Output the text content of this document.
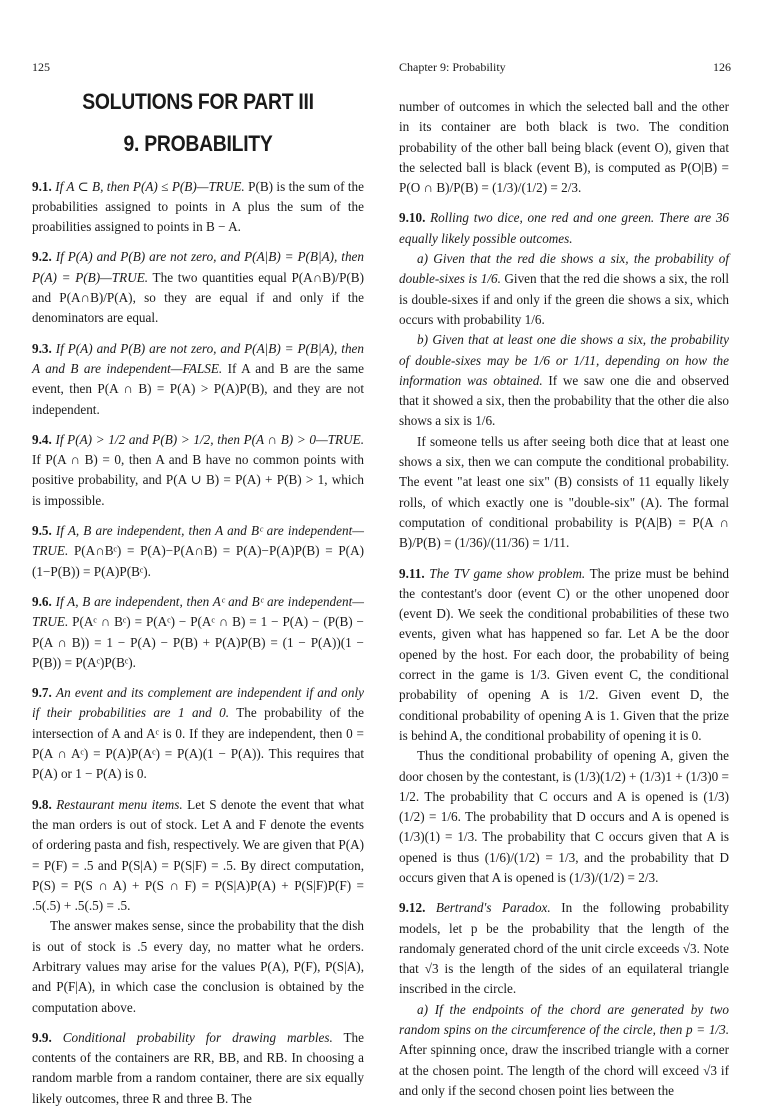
125	Chapter 9: Probability	126
SOLUTIONS FOR PART III
9. PROBABILITY

9.1. If A ⊂ B, then P(A) ≤ P(B)—TRUE. P(B) is the sum of the probabilities assigned to points in A plus the sum of the proabilities assigned to points in B − A.

9.2. If P(A) and P(B) are not zero, and P(A|B) = P(B|A), then P(A) = P(B)—TRUE. The two quantities equal P(A∩B)/P(B) and P(A∩B)/P(A), so they are equal if and only if the denominators are equal.

9.3. If P(A) and P(B) are not zero, and P(A|B) = P(B|A), then A and B are independent—FALSE. If A and B are the same event, then P(A ∩ B) = P(A) > P(A)P(B), and they are not independent.

9.4. If P(A) > 1/2 and P(B) > 1/2, then P(A ∩ B) > 0—TRUE. If P(A ∩ B) = 0, then A and B have no common points with positive probability, and P(A ∪ B) = P(A) + P(B) > 1, which is impossible.

9.5. If A, B are independent, then A and Bᶜ are independent—TRUE. P(A∩Bᶜ) = P(A)−P(A∩B) = P(A)−P(A)P(B) = P(A)(1−P(B)) = P(A)P(Bᶜ).

9.6. If A, B are independent, then Aᶜ and Bᶜ are independent—TRUE. P(Aᶜ ∩ Bᶜ) = P(Aᶜ) − P(Aᶜ ∩ B) = 1 − P(A) − (P(B) − P(A ∩ B)) = 1 − P(A) − P(B) + P(A)P(B) = (1 − P(A))(1 − P(B)) = P(Aᶜ)P(Bᶜ).

9.7. An event and its complement are independent if and only if their probabilities are 1 and 0. The probability of the intersection of A and Aᶜ is 0. If they are independent, then 0 = P(A ∩ Aᶜ) = P(A)P(Aᶜ) = P(A)(1 − P(A)). This requires that P(A) or 1 − P(A) is 0.

9.8. Restaurant menu items. Let S denote the event that what the man orders is out of stock. Let A and F denote the events of ordering pasta and fish, respectively. We are given that P(A) = P(F) = .5 and P(S|A) = P(S|F) = .5. By direct computation, P(S) = P(S ∩ A) + P(S ∩ F) = P(S|A)P(A) + P(S|F)P(F) = .5(.5) + .5(.5) = .5.

The answer makes sense, since the probability that the dish is out of stock is .5 every day, no matter what he orders. Arbitrary values may arise for the values P(A), P(F), P(S|A), and P(F|A), in which case the conclusion is obtained by the computation above.

9.9. Conditional probability for drawing marbles. The contents of the containers are RR, BB, and RB. In choosing a random marble from a random container, there are six equally likely outcomes, three R and three B. The

number of outcomes in which the selected ball and the other in its container are both black is two. The condition probability of the other ball being black (event O), given that the selected ball is black (event B), is computed as P(O|B) = P(O ∩ B)/P(B) = (1/3)/(1/2) = 2/3.

9.10. Rolling two dice, one red and one green. There are 36 equally likely possible outcomes.

a) Given that the red die shows a six, the probability of double-sixes is 1/6. Given that the red die shows a six, the roll is double-sixes if and only if the green die shows a six, which occurs with probability 1/6.

b) Given that at least one die shows a six, the probability of double-sixes may be 1/6 or 1/11, depending on how the information was obtained. If we saw one die and observed that it showed a six, then the probability that the other die also shows a six is 1/6.

If someone tells us after seeing both dice that at least one shows a six, then we can compute the conditional probability. The event "at least one six" (B) consists of 11 equally likely rolls, of which exactly one is "double-six" (A). The formal computation of conditional probability is P(A|B) = P(A ∩ B)/P(B) = (1/36)/(11/36) = 1/11.

9.11. The TV game show problem. The prize must be behind the contestant's door (event C) or the other unopened door (event D). We seek the conditional probabilities of these two events, given what has happened so far. Let A be the door opened by the host. For each door, the probability of being correct in the game is 1/3. Given event C, the conditional probability of opening A is 1/2. Given event D, the conditional probability of opening A is 1. Given that the prize is behind A, the conditional probability of opening it is 0.

Thus the conditional probability of opening A, given the door chosen by the contestant, is (1/3)(1/2) + (1/3)1 + (1/3)0 = 1/2. The probability that C occurs and A is opened is (1/3)(1/2) = 1/6. The probability that D occurs and A is opened is (1/3)(1) = 1/3. The probability that C occurs given that A is opened is thus (1/6)/(1/2) = 1/3, and the probability that D occurs given that A is opened is (1/3)/(1/2) = 2/3.

9.12. Bertrand's Paradox. In the following probability models, let p be the probability that the length of the randomaly generated chord of the unit circle exceeds √3. Note that √3 is the length of the sides of an equilateral triangle inscribed in the circle.

a) If the endpoints of the chord are generated by two random spins on the circumference of the circle, then p = 1/3. After spinning once, draw the inscribed triangle with a corner at the chosen point. The length of the chord will exceed √3 if and only if the second chosen point lies between the
